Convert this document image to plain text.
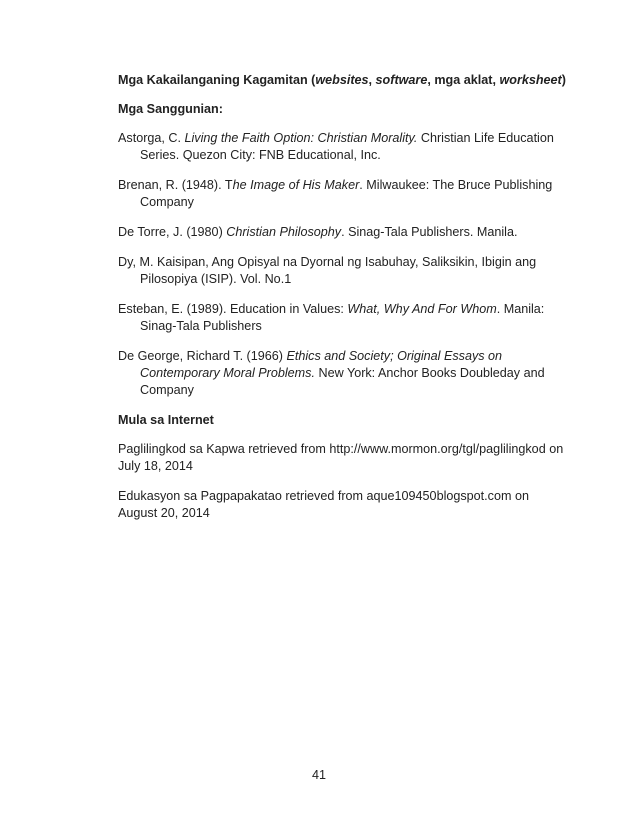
Mga Kakailanganing Kagamitan (websites, software, mga aklat, worksheet)

Mga Sanggunian:

Astorga, C. Living the Faith Option: Christian Morality. Christian Life Education Series. Quezon City: FNB Educational, Inc.

Brenan, R. (1948). The Image of His Maker. Milwaukee: The Bruce Publishing Company

De Torre, J. (1980) Christian Philosophy. Sinag-Tala Publishers. Manila.

Dy, M. Kaisipan, Ang Opisyal na Dyornal ng Isabuhay, Saliksikin, Ibigin ang Pilosopiya (ISIP). Vol. No.1

Esteban, E. (1989). Education in Values: What, Why And For Whom. Manila: Sinag-Tala Publishers

De George, Richard T. (1966) Ethics and Society; Original Essays on Contemporary Moral Problems. New York: Anchor Books Doubleday and Company

Mula sa Internet

Paglilingkod sa Kapwa retrieved from http://www.mormon.org/tgl/paglilingkod on July 18, 2014

Edukasyon sa Pagpapakatao retrieved from aque109450blogspot.com on August 20, 2014

41
